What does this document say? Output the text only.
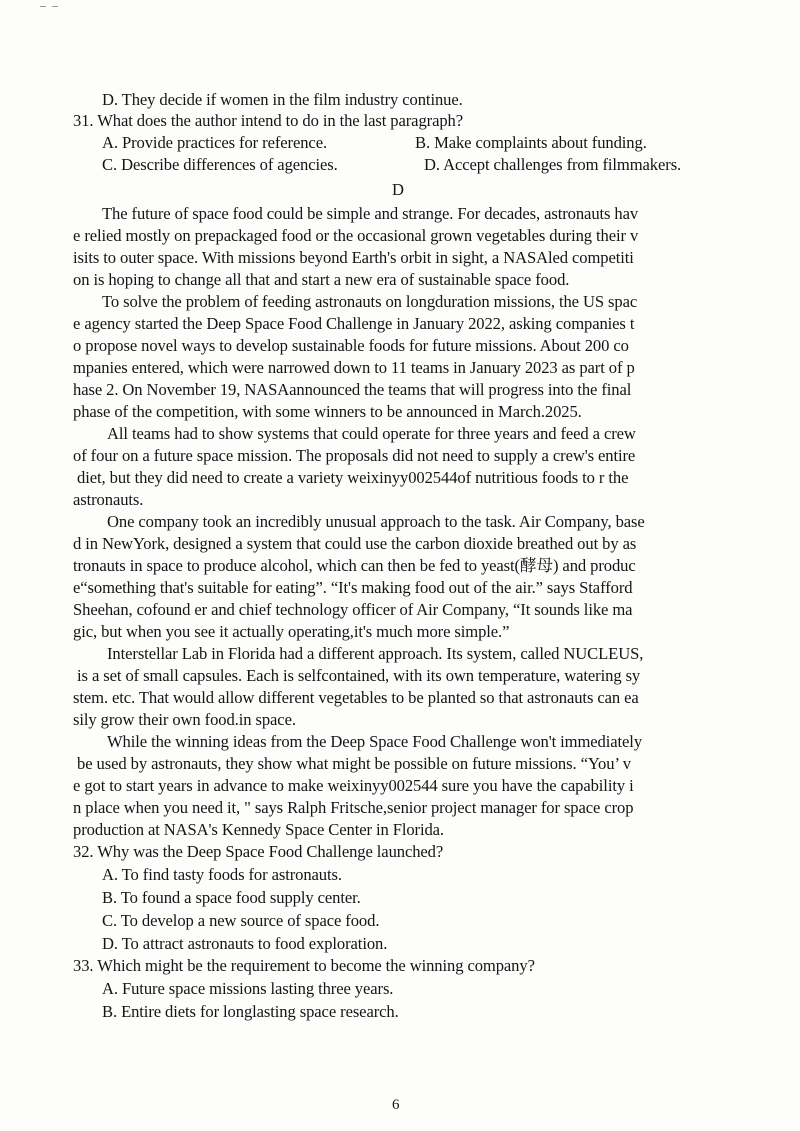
D. They decide if women in the film industry continue.
31. What does the author intend to do in the last paragraph?
A. Provide practices for reference.	B. Make complaints about funding.
C. Describe differences of agencies.	D. Accept challenges from filmmakers.
D
The future of space food could be simple and strange. For decades, astronauts hav
e relied mostly on prepackaged food or the occasional grown vegetables during their v
isits to outer space. With missions beyond Earth's orbit in sight, a NASAled competiti
on is hoping to change all that and start a new era of sustainable space food.
To solve the problem of feeding astronauts on longduration missions, the US spac
e agency started the Deep Space Food Challenge in January 2022, asking companies t
o propose novel ways to develop sustainable foods for future missions. About 200 co
mpanies entered, which were narrowed down to 11 teams in January 2023 as part of p
hase 2. On November 19, NASAannounced the teams that will progress into the final
phase of the competition, with some winners to be announced in March.2025.
All teams had to show systems that could operate for three years and feed a crew
of four on a future space mission. The proposals did not need to supply a crew's entire
diet, but they did need to create a variety weixinyy002544of nutritious foods to r the
astronauts.
One company took an incredibly unusual approach to the task. Air Company, base
d in NewYork, designed a system that could use the carbon dioxide breathed out by as
tronauts in space to produce alcohol, which can then be fed to yeast(酵母) and produc
e“something that's suitable for eating”. “It's making food out of the air.” says Stafford
Sheehan, cofound er and chief technology officer of Air Company, “It sounds like ma
gic, but when you see it actually operating,it's much more simple.”
Interstellar Lab in Florida had a different approach. Its system, called NUCLEUS,
is a set of small capsules. Each is selfcontained, with its own temperature, watering sy
stem. etc. That would allow different vegetables to be planted so that astronauts can ea
sily grow their own food.in space.
While the winning ideas from the Deep Space Food Challenge won't immediately
be used by astronauts, they show what might be possible on future missions. “You’ v
e got to start years in advance to make weixinyy002544 sure you have the capability i
n place when you need it, " says Ralph Fritsche,senior project manager for space crop
production at NASA's Kennedy Space Center in Florida.
32. Why was the Deep Space Food Challenge launched?
A. To find tasty foods for astronauts.
B. To found a space food supply center.
C. To develop a new source of space food.
D. To attract astronauts to food exploration.
33. Which might be the requirement to become the winning company?
A. Future space missions lasting three years.
B. Entire diets for longlasting space research.
6
